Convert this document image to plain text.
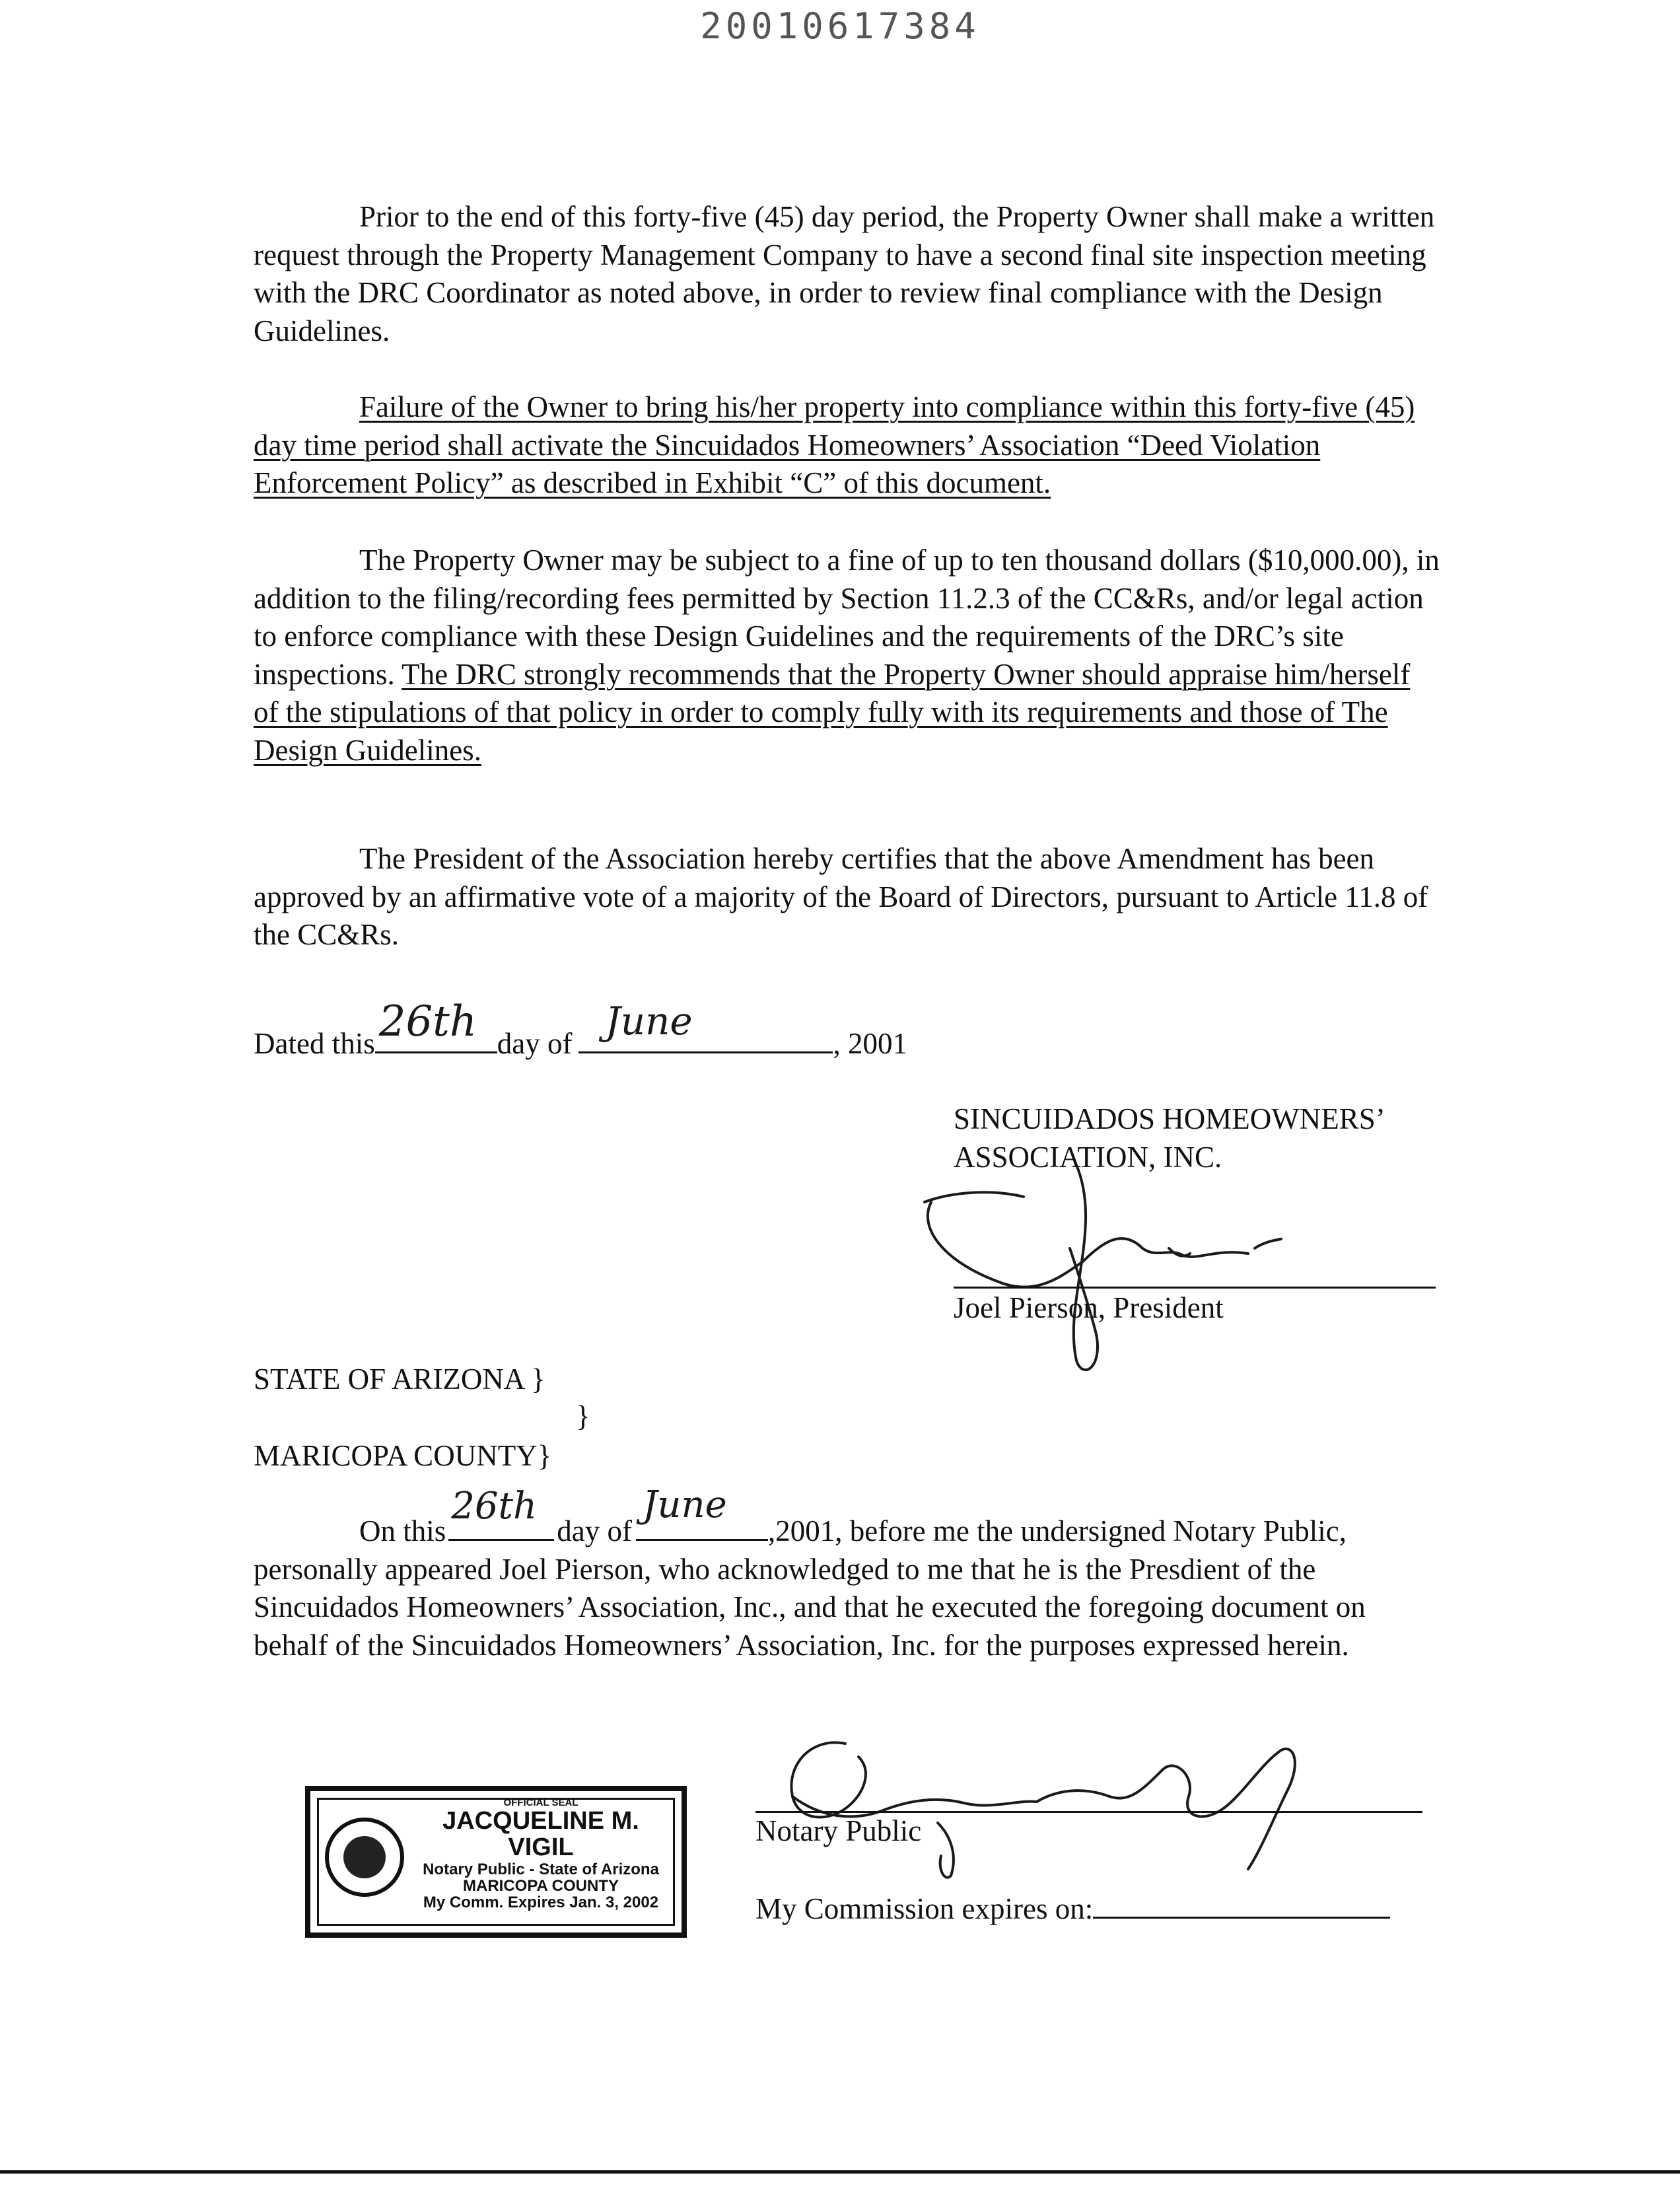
20010617384
Prior to the end of this forty-five (45) day period, the Property Owner shall make a written request through the Property Management Company to have a second final site inspection meeting with the DRC Coordinator as noted above, in order to review final compliance with the Design Guidelines.
Failure of the Owner to bring his/her property into compliance within this forty-five (45) day time period shall activate the Sincuidados Homeowners’ Association “Deed Violation Enforcement Policy” as described in Exhibit “C” of this document.
The Property Owner may be subject to a fine of up to ten thousand dollars ($10,000.00), in addition to the filing/recording fees permitted by Section 11.2.3 of the CC&Rs, and/or legal action to enforce compliance with these Design Guidelines and the requirements of the DRC’s site inspections. The DRC strongly recommends that the Property Owner should appraise him/herself of the stipulations of that policy in order to comply fully with its requirements and those of The Design Guidelines.
The President of the Association hereby certifies that the above Amendment has been approved by an affirmative vote of a majority of the Board of Directors, pursuant to Article 11.8 of the CC&Rs.
Dated this 26th day of June	, 2001
SINCUIDADOS HOMEOWNERS’
ASSOCIATION, INC.
Joel Pierson, President
STATE OF ARIZONA }
}
MARICOPA COUNTY}
On this
26th
day of
June
,2001, before me the undersigned Notary Public, personally appeared Joel Pierson, who acknowledged to me that he is the Presdient of the Sincuidados Homeowners’ Association, Inc., and that he executed the foregoing document on behalf of the Sincuidados Homeowners’ Association, Inc. for the purposes expressed herein.
Notary Public
My Commission expires on:
OFFICIAL SEAL
JACQUELINE M. VIGIL
Notary Public - State of Arizona
MARICOPA COUNTY
My Comm. Expires Jan. 3, 2002
